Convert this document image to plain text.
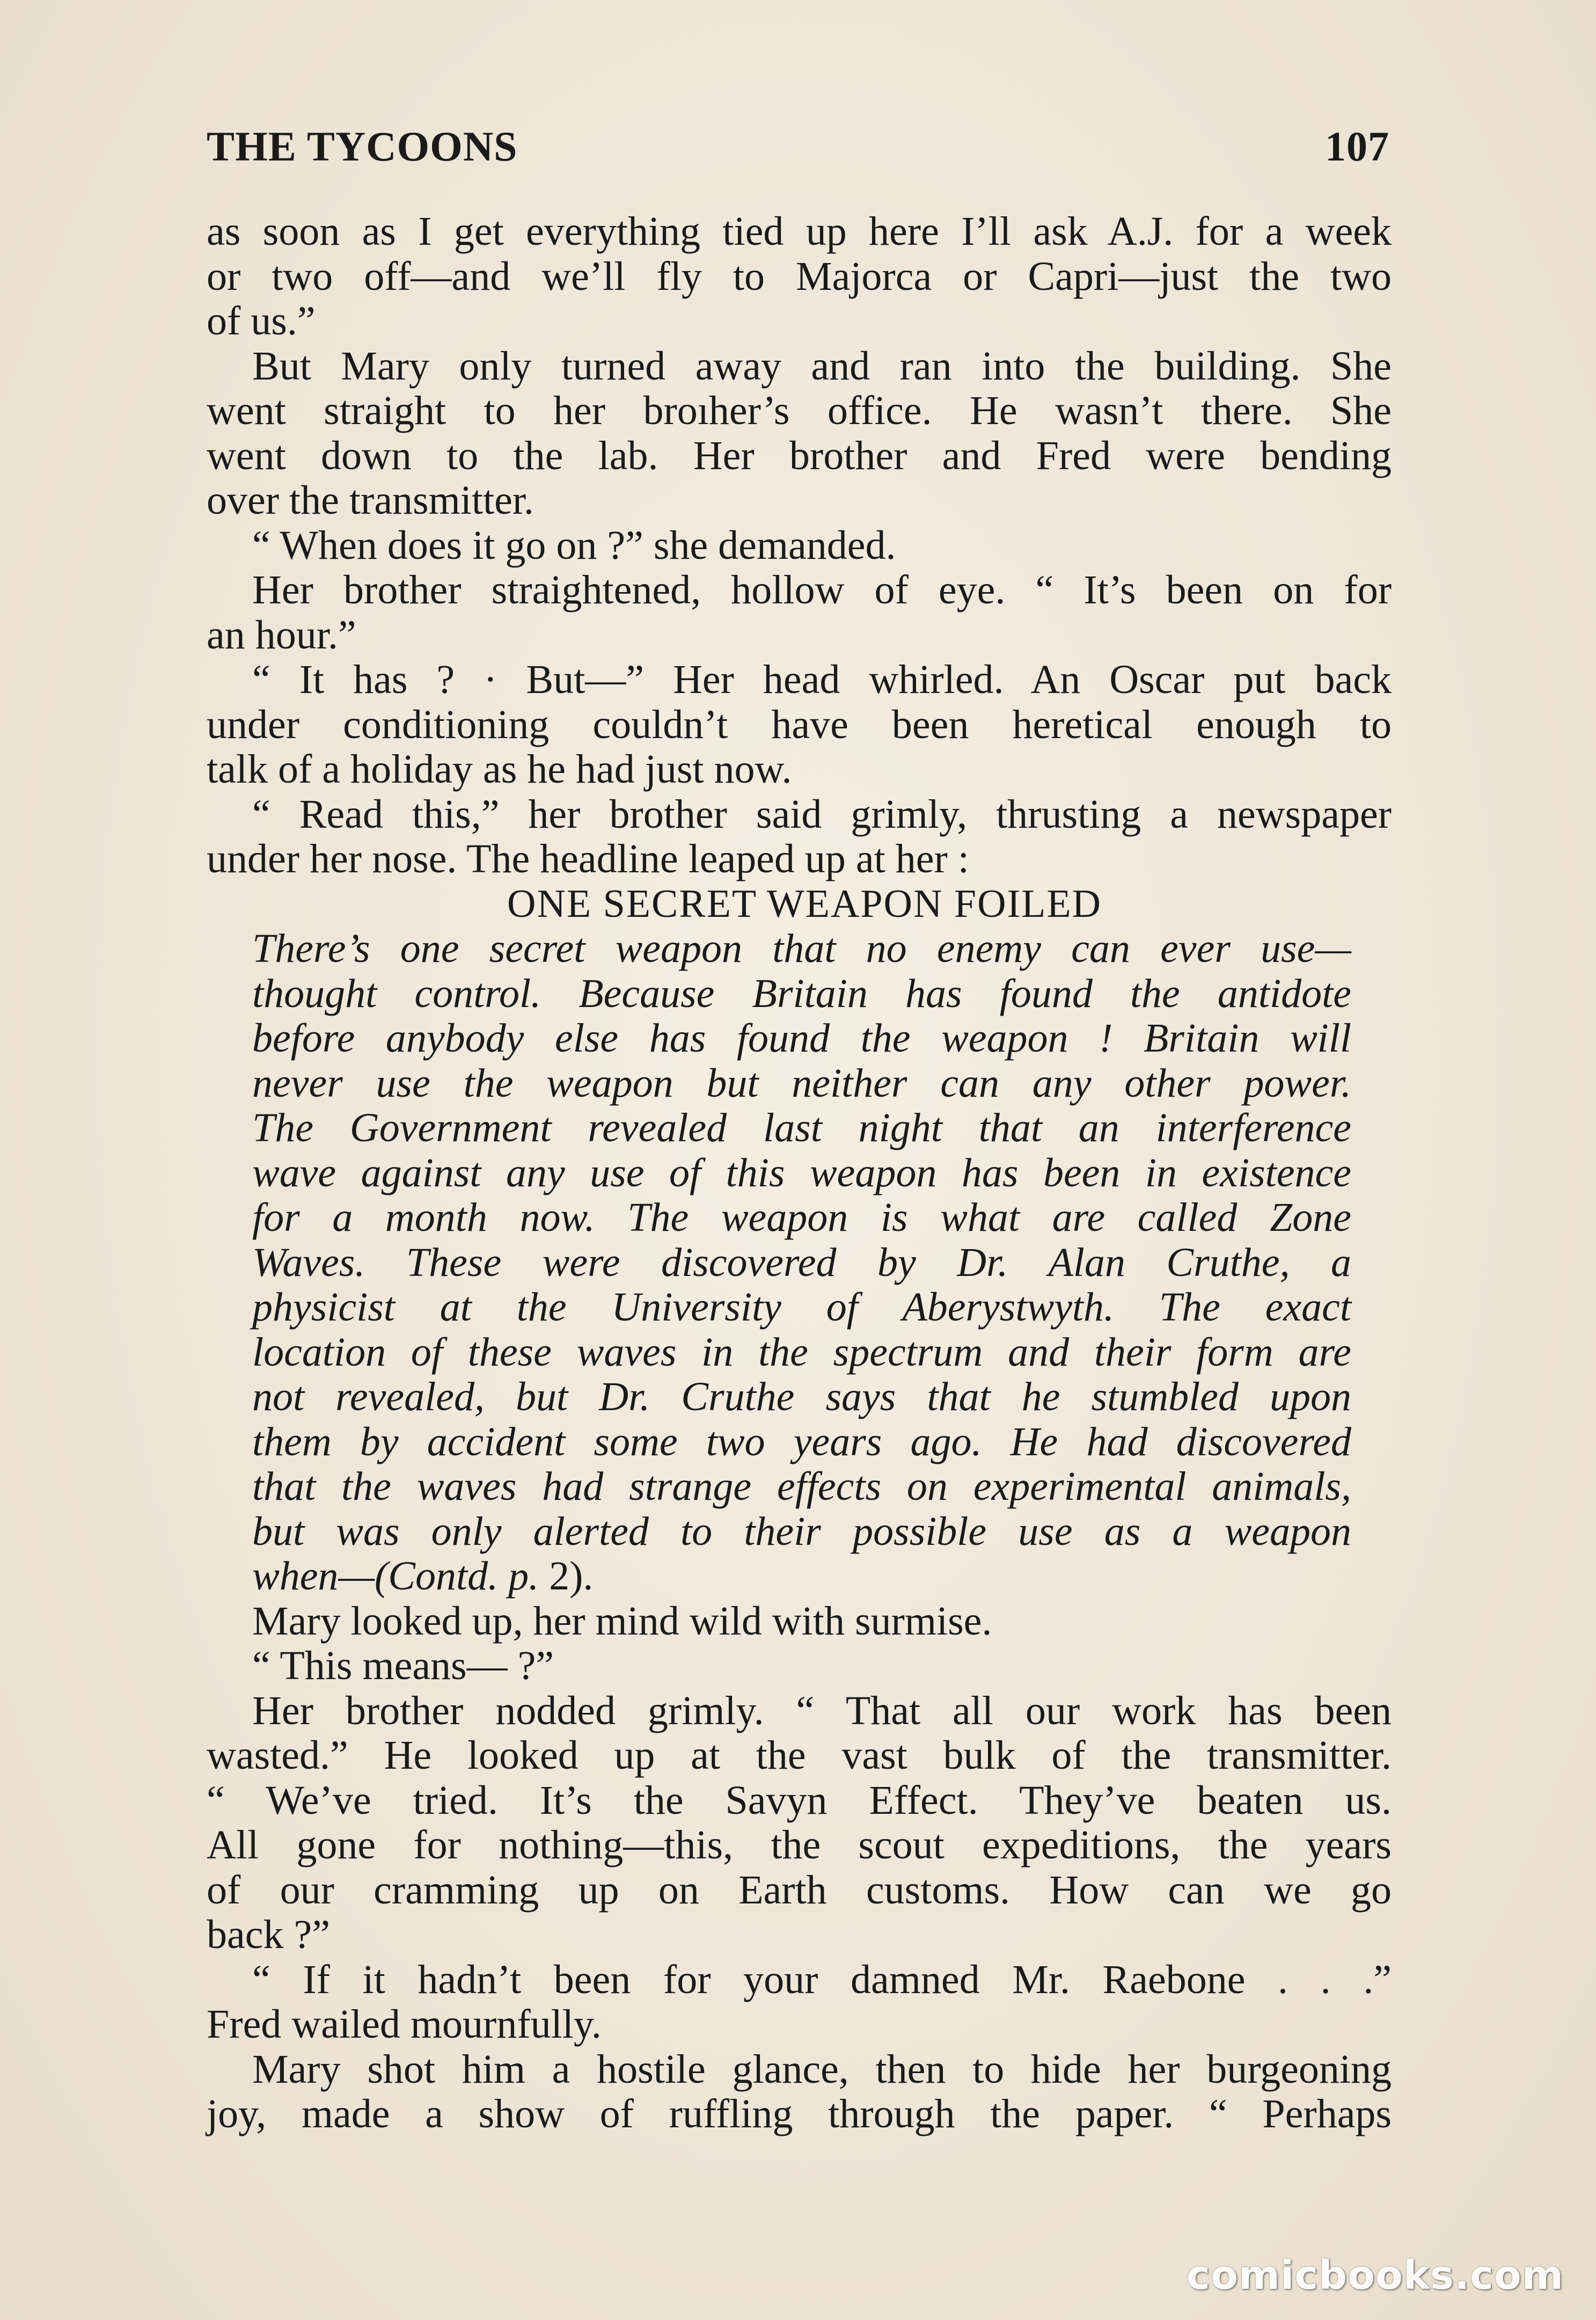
THE TYCOONS	107
as soon as I get everything tied up here I’ll ask A.J. for a week
or two off—and we’ll fly to Majorca or Capri—just the two
of us.”
But Mary only turned away and ran into the building. She
went straight to her broıher’s office. He wasn’t there. She
went down to the lab. Her brother and Fred were bending
over the transmitter.
“ When does it go on ?” she demanded.
Her brother straightened, hollow of eye. “ It’s been on for
an hour.”
“ It has ? · But—” Her head whirled. An Oscar put back
under conditioning couldn’t have been heretical enough to
talk of a holiday as he had just now.
“ Read this,” her brother said grimly, thrusting a newspaper
under her nose. The headline leaped up at her :
ONE SECRET WEAPON FOILED
There’s one secret weapon that no enemy can ever use—
thought control. Because Britain has found the antidote
before anybody else has found the weapon ! Britain will
never use the weapon but neither can any other power.
The Government revealed last night that an interference
wave against any use of this weapon has been in existence
for a month now. The weapon is what are called Zone
Waves. These were discovered by Dr. Alan Cruthe, a
physicist at the University of Aberystwyth. The exact
location of these waves in the spectrum and their form are
not revealed, but Dr. Cruthe says that he stumbled upon
them by accident some two years ago. He had discovered
that the waves had strange effects on experimental animals,
but was only alerted to their possible use as a weapon
when—(Contd. p. 2).
Mary looked up, her mind wild with surmise.
“ This means— ?”
Her brother nodded grimly. “ That all our work has been
wasted.” He looked up at the vast bulk of the transmitter.
“ We’ve tried. It’s the Savyn Effect. They’ve beaten us.
All gone for nothing—this, the scout expeditions, the years
of our cramming up on Earth customs. How can we go
back ?”
“ If it hadn’t been for your damned Mr. Raebone . . .”
Fred wailed mournfully.
Mary shot him a hostile glance, then to hide her burgeoning
joy, made a show of ruffling through the paper. “ Perhaps
comicbooks.com
